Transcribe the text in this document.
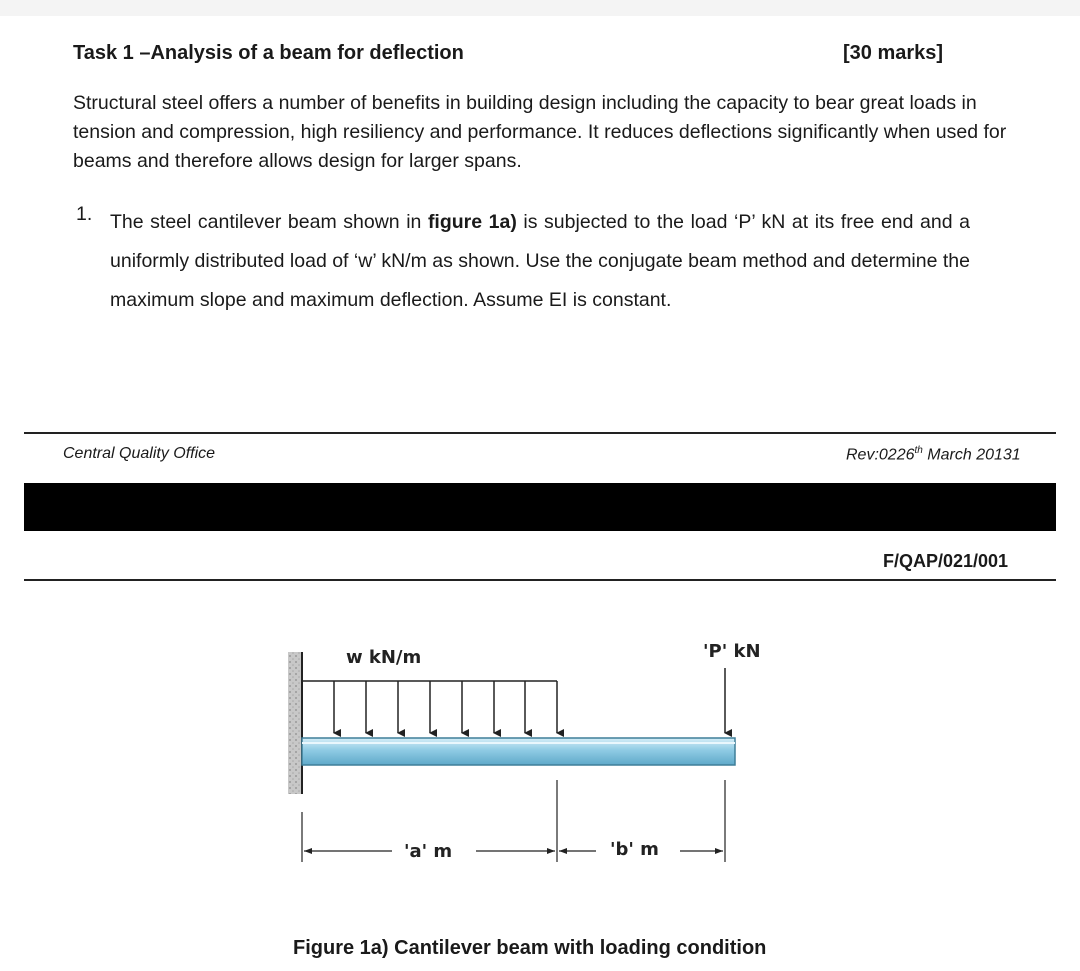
Task 1 –Analysis of a beam for deflection	[30 marks]

Structural steel offers a number of benefits in building design including the capacity to bear great loads in tension and compression, high resiliency and performance. It reduces deflections significantly when used for beams and therefore allows design for larger spans.

1. The steel cantilever beam shown in figure 1a) is subjected to the load ‘P’ kN at its free end and a uniformly distributed load of ‘w’ kN/m as shown. Use the conjugate beam method and determine the maximum slope and maximum deflection. Assume EI is constant.

Central Quality Office	Rev:0226th March 20131
F/QAP/021/001
w kN/m	'P' kN
'a' m	'b' m
Figure 1a) Cantilever beam with loading condition
